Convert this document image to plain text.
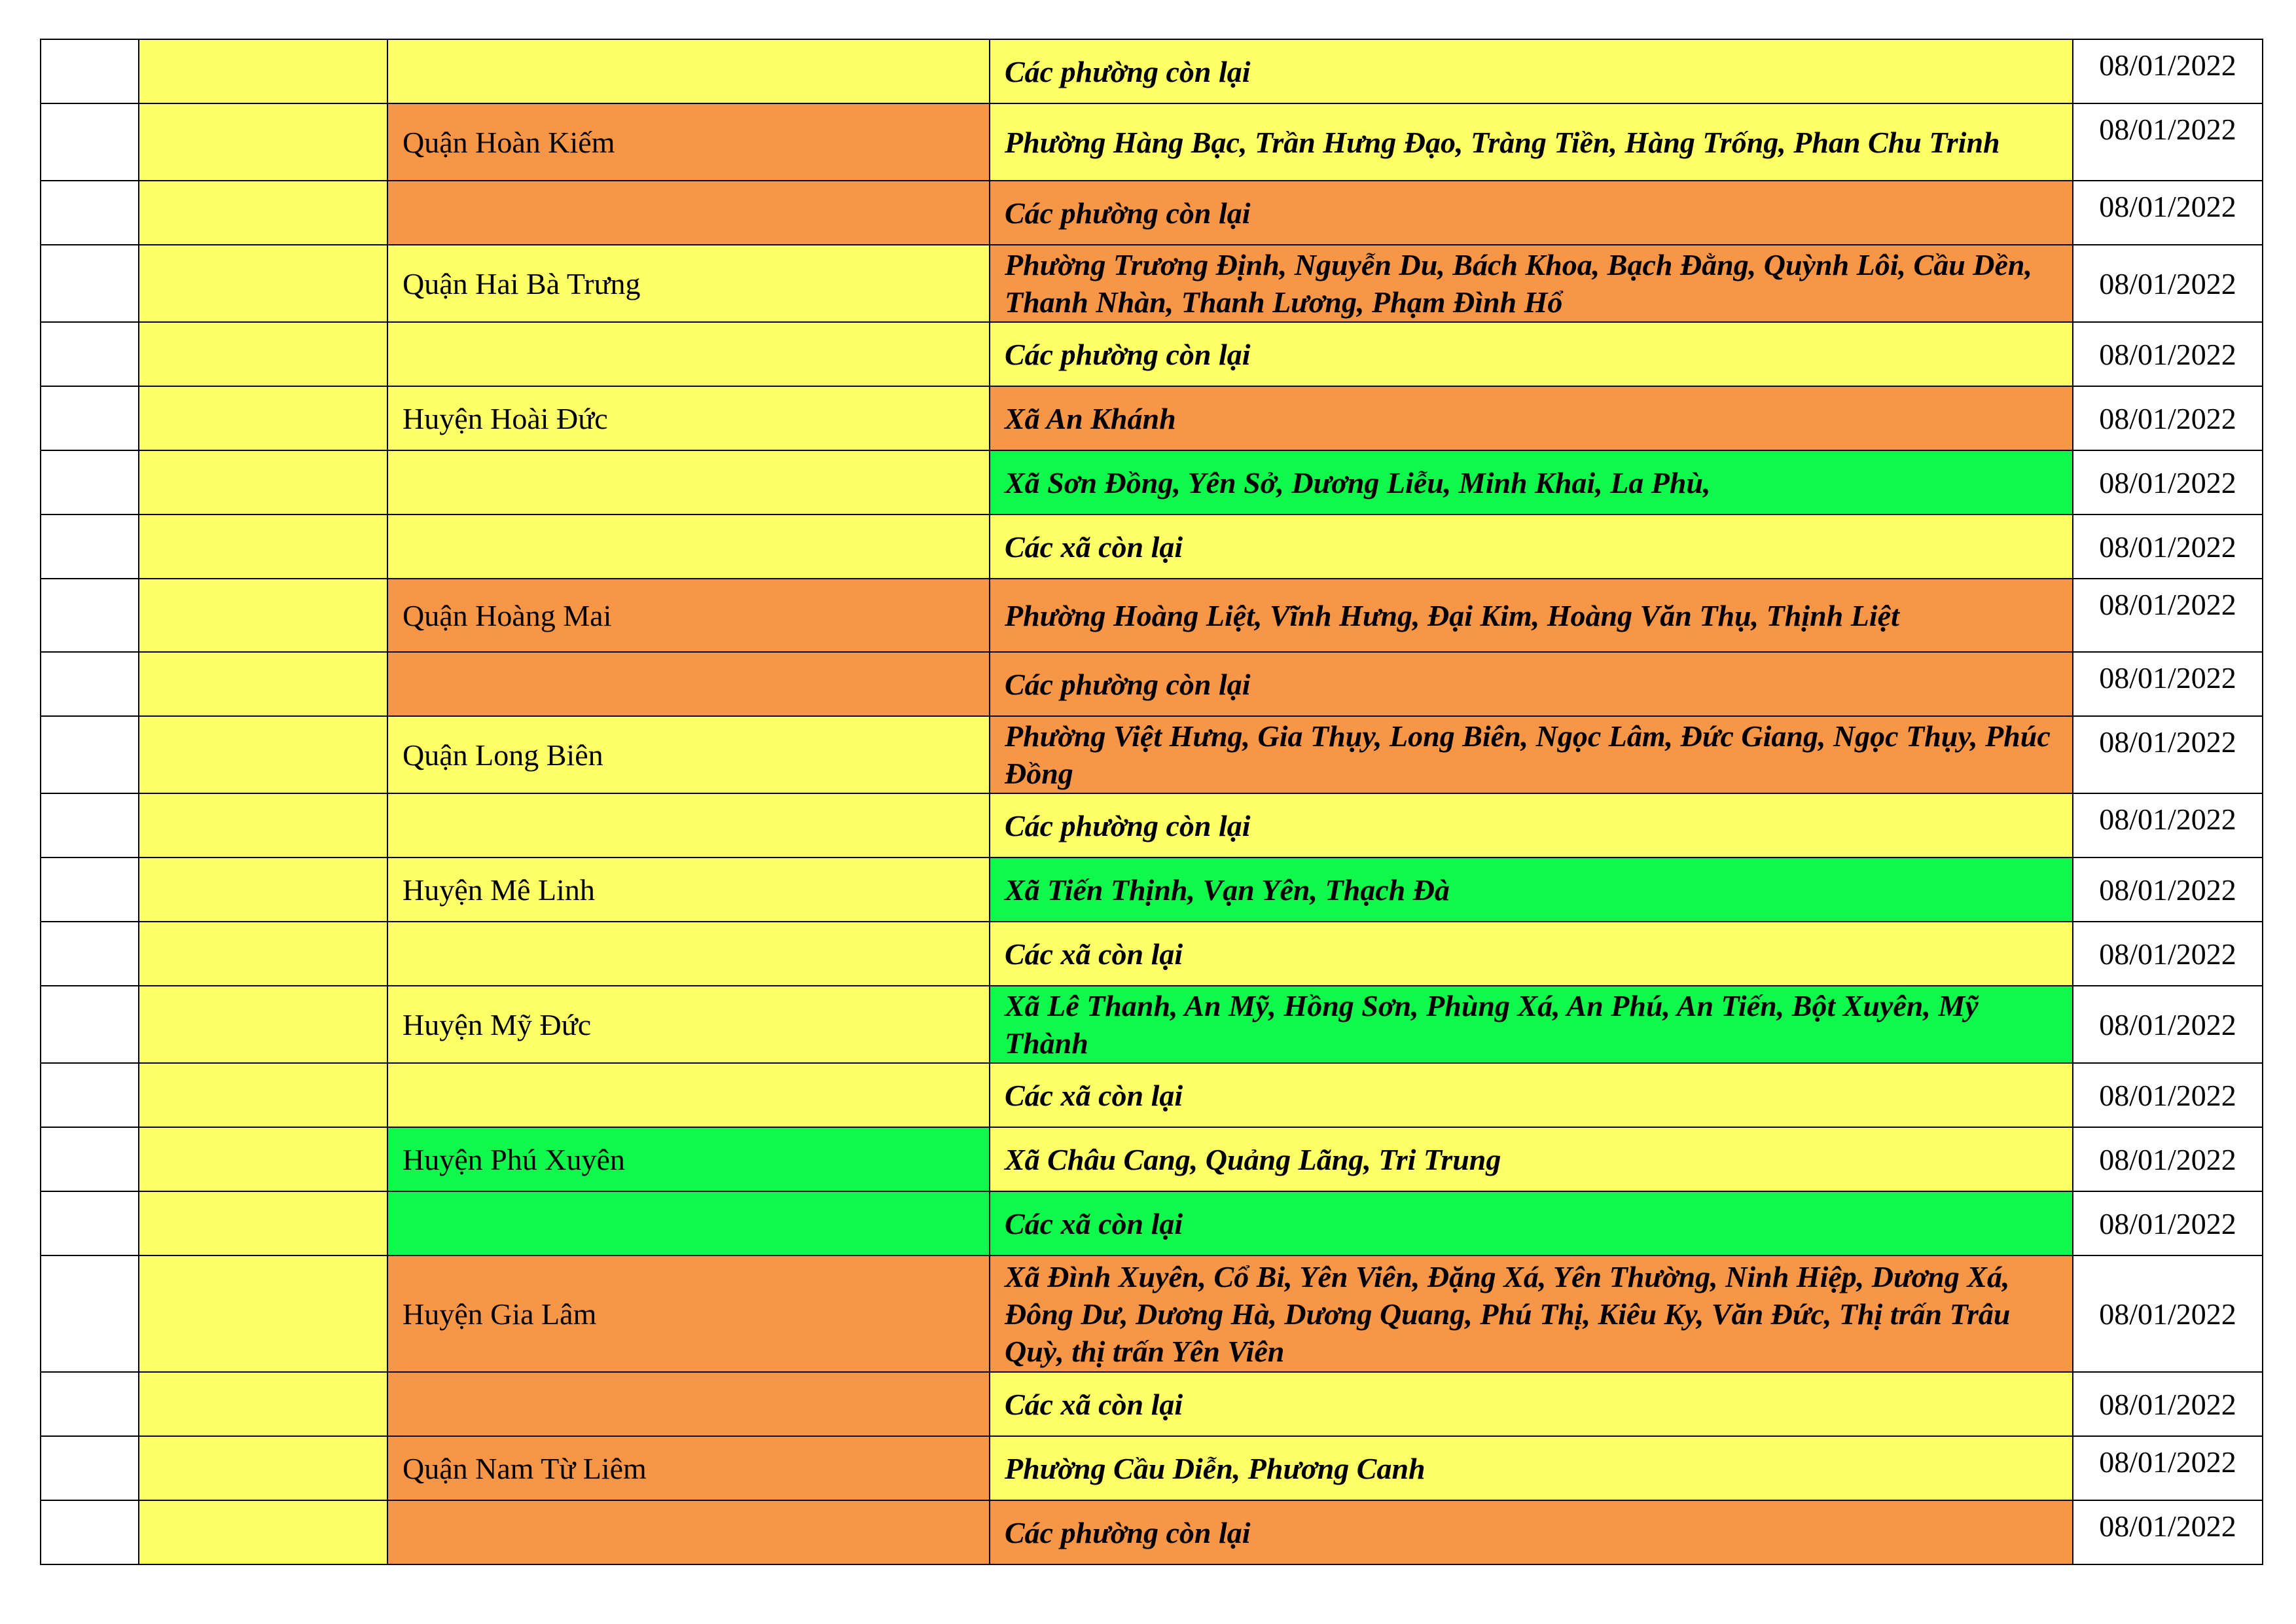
			Các phường còn lại	08/01/2022
		Quận Hoàn Kiếm	Phường Hàng Bạc, Trần Hưng Đạo, Tràng Tiền, Hàng Trống, Phan Chu Trinh	08/01/2022
			Các phường còn lại	08/01/2022
		Quận Hai Bà Trưng	Phường Trương Định, Nguyễn Du, Bách Khoa, Bạch Đằng, Quỳnh Lôi, Cầu Dền, Thanh Nhàn, Thanh Lương, Phạm Đình Hổ	08/01/2022
			Các phường còn lại	08/01/2022
		Huyện Hoài Đức	Xã An Khánh	08/01/2022
			Xã Sơn Đồng, Yên Sở, Dương Liễu, Minh Khai, La Phù,	08/01/2022
			Các xã còn lại	08/01/2022
		Quận Hoàng Mai	Phường Hoàng Liệt, Vĩnh Hưng, Đại Kim, Hoàng Văn Thụ, Thịnh Liệt	08/01/2022
			Các phường còn lại	08/01/2022
		Quận Long Biên	Phường Việt Hưng, Gia Thụy, Long Biên, Ngọc Lâm, Đức Giang, Ngọc Thụy, Phúc Đồng	08/01/2022
			Các phường còn lại	08/01/2022
		Huyện Mê Linh	Xã Tiến Thịnh, Vạn Yên, Thạch Đà	08/01/2022
			Các xã còn lại	08/01/2022
		Huyện Mỹ Đức	Xã Lê Thanh, An Mỹ, Hồng Sơn, Phùng Xá, An Phú, An Tiến, Bột Xuyên, Mỹ Thành	08/01/2022
			Các xã còn lại	08/01/2022
		Huyện Phú Xuyên	Xã Châu Cang, Quảng Lãng, Tri Trung	08/01/2022
			Các xã còn lại	08/01/2022
		Huyện Gia Lâm	Xã Đình Xuyên, Cổ Bi, Yên Viên, Đặng Xá, Yên Thường, Ninh Hiệp, Dương Xá, Đông Dư, Dương Hà, Dương Quang, Phú Thị, Kiêu Ky, Văn Đức, Thị trấn Trâu Quỳ, thị trấn Yên Viên	08/01/2022
			Các xã còn lại	08/01/2022
		Quận Nam Từ Liêm	Phường Cầu Diễn, Phương Canh	08/01/2022
			Các phường còn lại	08/01/2022
